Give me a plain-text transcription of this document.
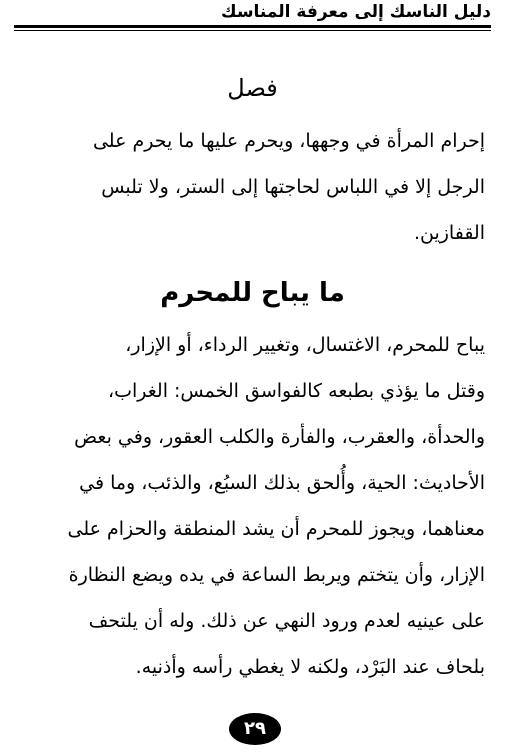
دليل الناسك إلى معرفة المناسك
فصل
إحرام المرأة في وجهها، ويحرم عليها ما يحرم على
الرجل إلا في اللباس لحاجتها إلى الستر، ولا تلبس
القفازين.
ما يباح للمحرم
يباح للمحرم، الاغتسال، وتغيير الرداء، أو الإزار،
وقتل ما يؤذي بطبعه كالفواسق الخمس: الغراب،
والحدأة، والعقرب، والفأرة والكلب العقور، وفي بعض
الأحاديث: الحية، وأُلحق بذلك السبُع، والذئب، وما في
معناهما، ويجوز للمحرم أن يشد المنطقة والحزام على
الإزار، وأن يتختم ويربط الساعة في يده ويضع النظارة
على عينيه لعدم ورود النهي عن ذلك. وله أن يلتحف
بلحاف عند البَرْد، ولكنه لا يغطي رأسه وأذنيه.
٢٩
